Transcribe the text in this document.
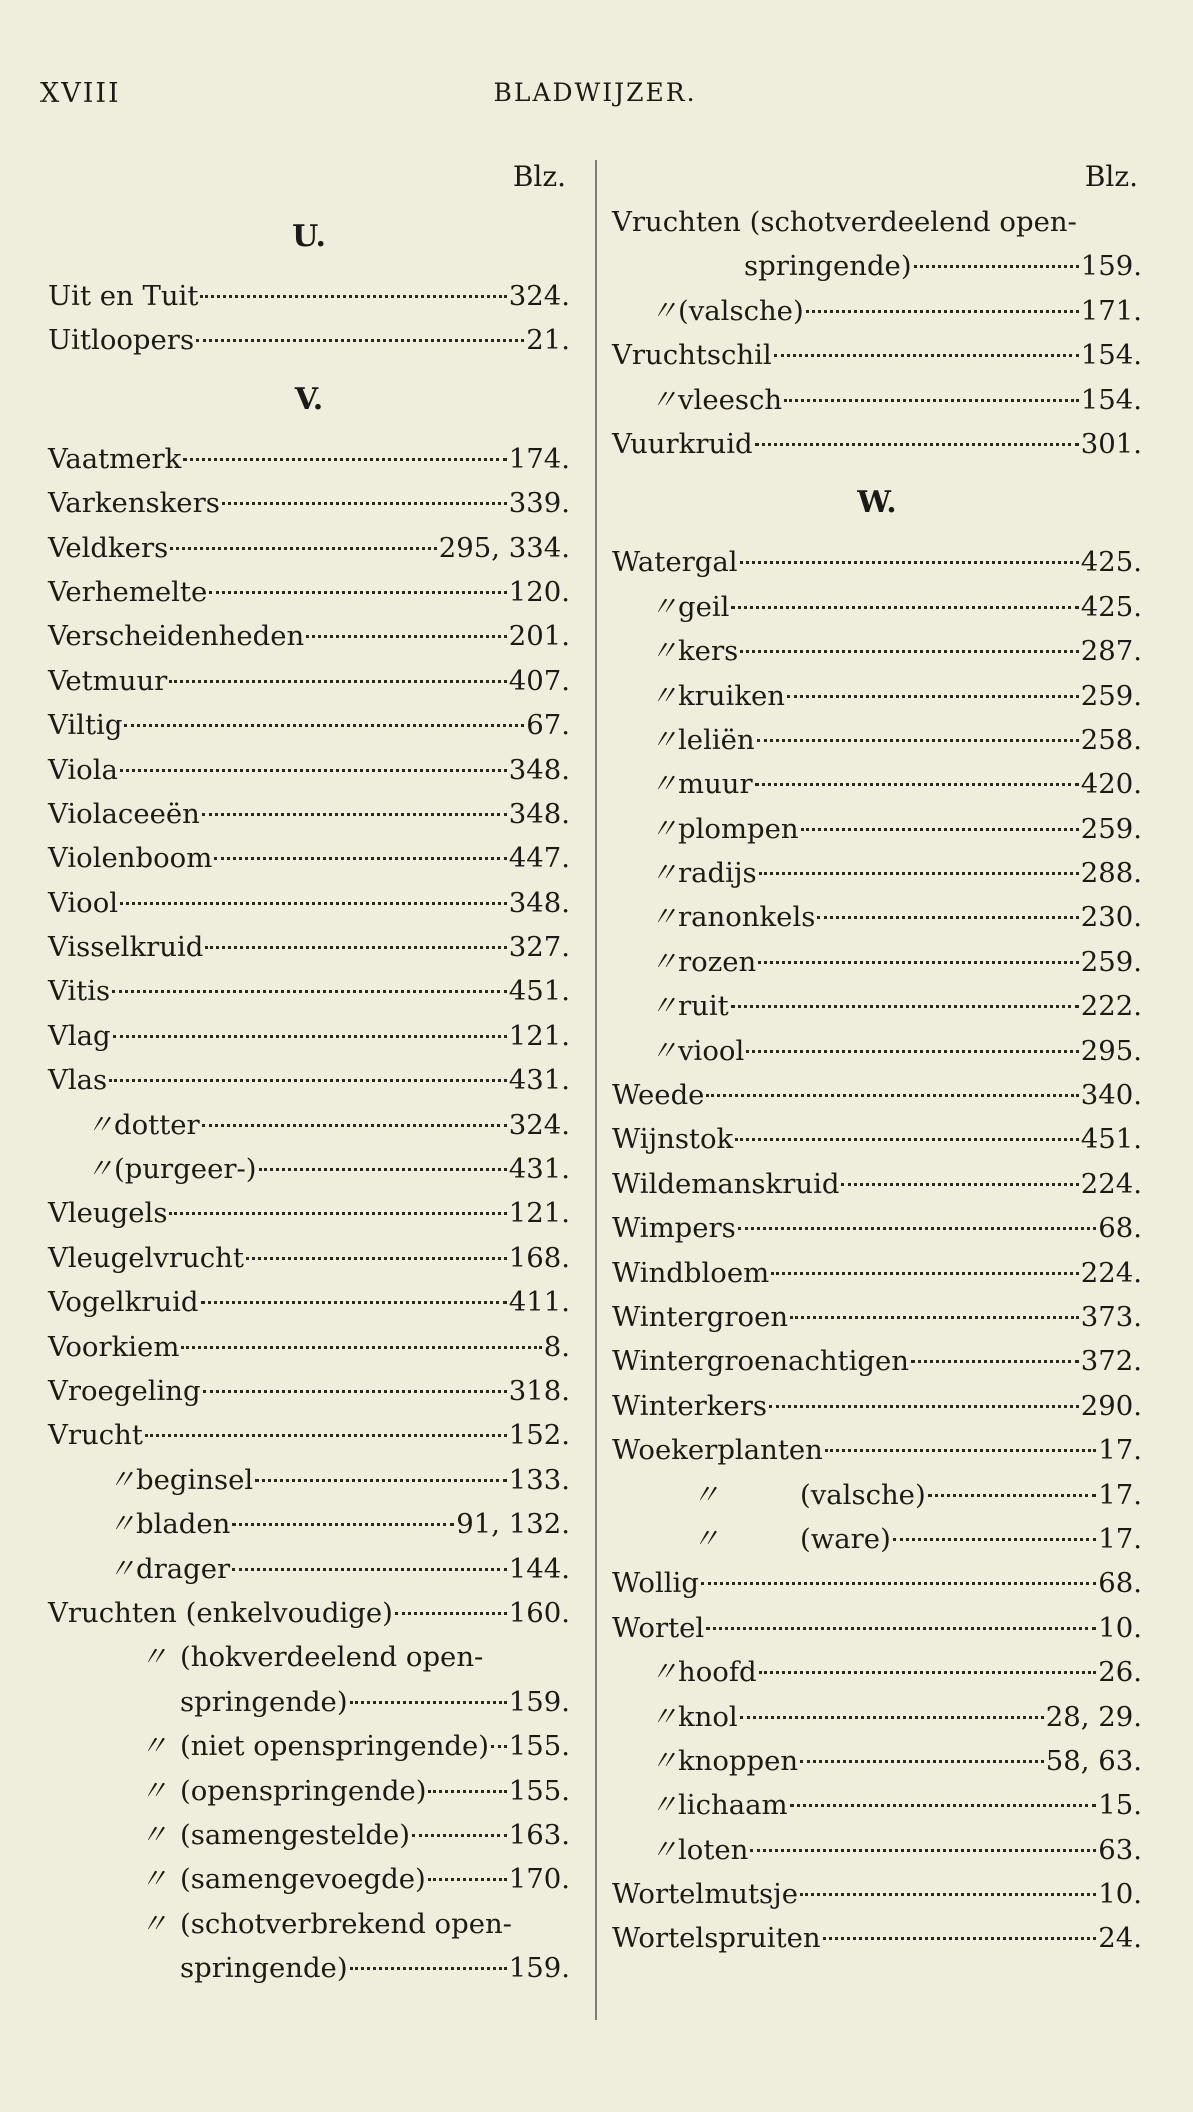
XVIII	BLADWIJZER.
Blz.
U.
Uit en Tuit	324.
Uitloopers	21.
V.
Vaatmerk	174.
Varkenskers	339.
Veldkers	295, 334.
Verhemelte	120.
Verscheidenheden	201.
Vetmuur	407.
Viltig	67.
Viola	348.
Violaceeën	348.
Violenboom	447.
Viool	348.
Visselkruid	327.
Vitis	451.
Vlag	121.
Vlas	431.
〃 dotter	324.
〃 (purgeer-)	431.
Vleugels	121.
Vleugelvrucht	168.
Vogelkruid	411.
Voorkiem	8.
Vroegeling	318.
Vrucht	152.
〃 beginsel	133.
〃 bladen	91, 132.
〃 drager	144.
Vruchten (enkelvoudige)	160.
〃 (hokverdeelend open-
springende)	159.
〃 (niet openspringende) 155.
〃 (openspringende)	155.
〃 (samengestelde)	163.
〃 (samengevoegde)	170.
〃 (schotverbrekend open-
springende)	159.
Blz.
Vruchten (schotverdeelend open-
springende)	159.
〃 (valsche)	171.
Vruchtschil	154.
〃 vleesch	154.
Vuurkruid	301.
W.
Watergal	425.
〃 geil	425.
〃 kers	287.
〃 kruiken	259.
〃 leliën	258.
〃 muur	420.
〃 plompen	259.
〃 radijs	288.
〃 ranonkels	230.
〃 rozen	259.
〃 ruit	222.
〃 viool	295.
Weede	340.
Wijnstok	451.
Wildemanskruid	224.
Wimpers	68.
Windbloem	224.
Wintergroen	373.
Wintergroenachtigen	372.
Winterkers	290.
Woekerplanten	17.
〃	(valsche)	17.
〃	(ware)	17.
Wollig	68.
Wortel	10.
〃 hoofd	26.
〃 knol	28, 29.
〃 knoppen	58, 63.
〃 lichaam	15.
〃 loten	63.
Wortelmutsje	10.
Wortelspruiten	24.
